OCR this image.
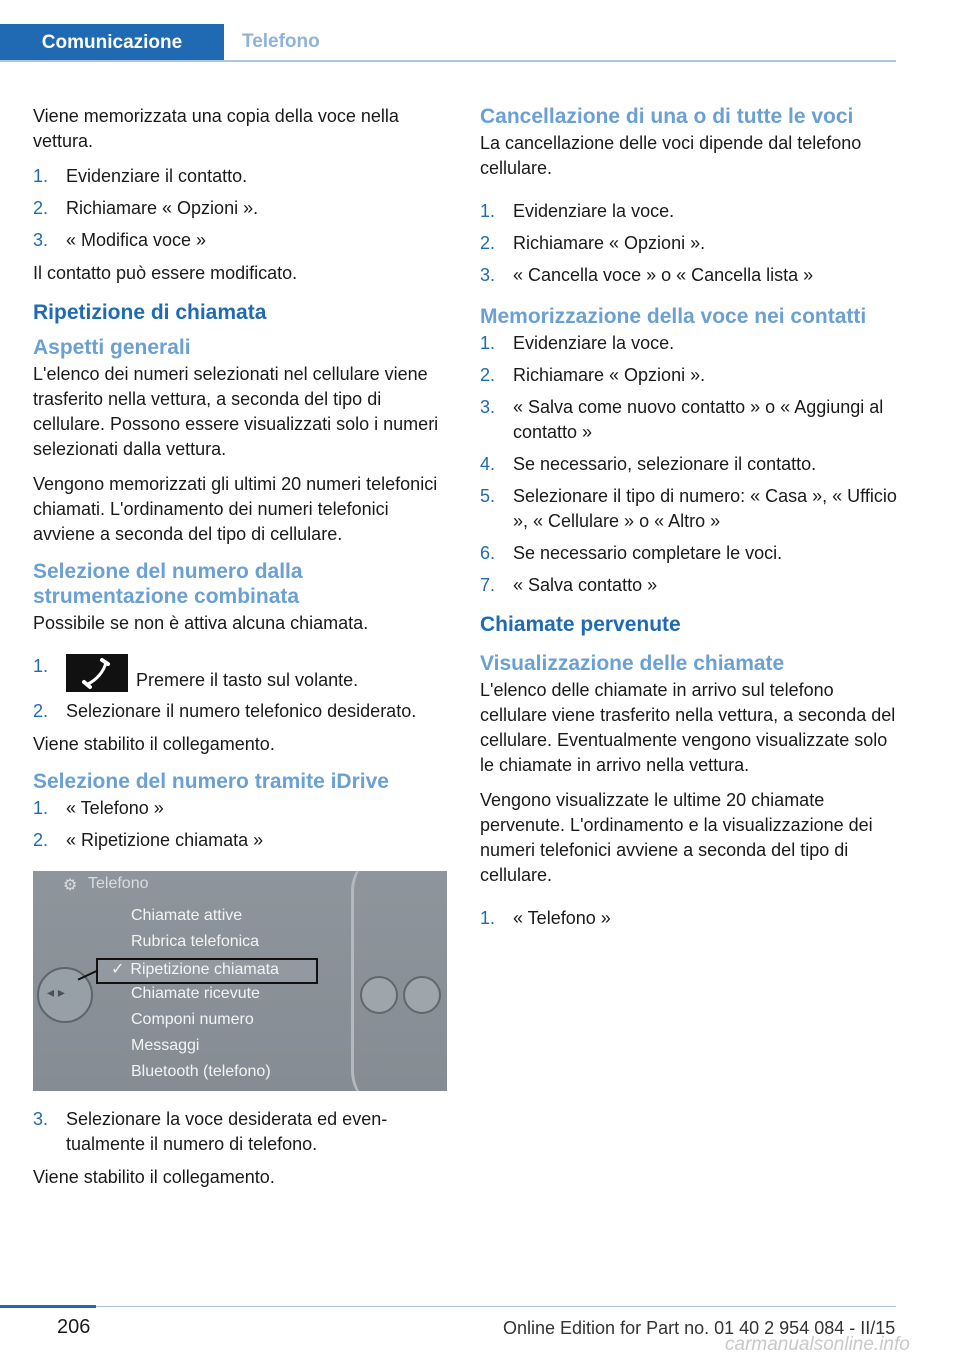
Comunicazione	Telefono

Viene memorizzata una copia della voce nella vettura.

1. Evidenziare il contatto.
2. Richiamare « Opzioni ».
3. « Modifica voce »

Il contatto può essere modificato.

Ripetizione di chiamata
Aspetti generali

L'elenco dei numeri selezionati nel cellulare viene trasferito nella vettura, a seconda del tipo di cellulare. Possono essere visualizzati solo i numeri selezionati dalla vettura.

Vengono memorizzati gli ultimi 20 numeri telefonici chiamati. L'ordinamento dei numeri telefonici avviene a seconda del tipo di cellulare.

Selezione del numero dalla strumentazione combinata

Possibile se non è attiva alcuna chiamata.

1.
Premere il tasto sul volante.
2. Selezionare il numero telefonico desiderato.

Viene stabilito il collegamento.

Selezione del numero tramite iDrive
1. « Telefono »
2. « Ripetizione chiamata »
⚙ Telefono
Chiamate attive
Rubrica telefonica
✓ Ripetizione chiamata
Chiamate ricevute
Componi numero
Messaggi
Bluetooth (telefono)
◂ ▸
3. Selezionare la voce desiderata ed eventualmente il numero di telefono.

Viene stabilito il collegamento.

Cancellazione di una o di tutte le voci

La cancellazione delle voci dipende dal telefono cellulare.

1. Evidenziare la voce.
2. Richiamare « Opzioni ».
3. « Cancella voce » o « Cancella lista »
Memorizzazione della voce nei contatti
1. Evidenziare la voce.
2. Richiamare « Opzioni ».
3. « Salva come nuovo contatto » o « Aggiungi al contatto »
4. Se necessario, selezionare il contatto.
5. Selezionare il tipo di numero: « Casa », « Ufficio », « Cellulare » o « Altro »
6. Se necessario completare le voci.
7. « Salva contatto »
Chiamate pervenute
Visualizzazione delle chiamate

L'elenco delle chiamate in arrivo sul telefono cellulare viene trasferito nella vettura, a seconda del cellulare. Eventualmente vengono visualizzate solo le chiamate in arrivo nella vettura.

Vengono visualizzate le ultime 20 chiamate pervenute. L'ordinamento e la visualizzazione dei numeri telefonici avviene a seconda del tipo di cellulare.

1. « Telefono »
206	Online Edition for Part no. 01 40 2 954 084 - II/15
carmanualsonline.info
